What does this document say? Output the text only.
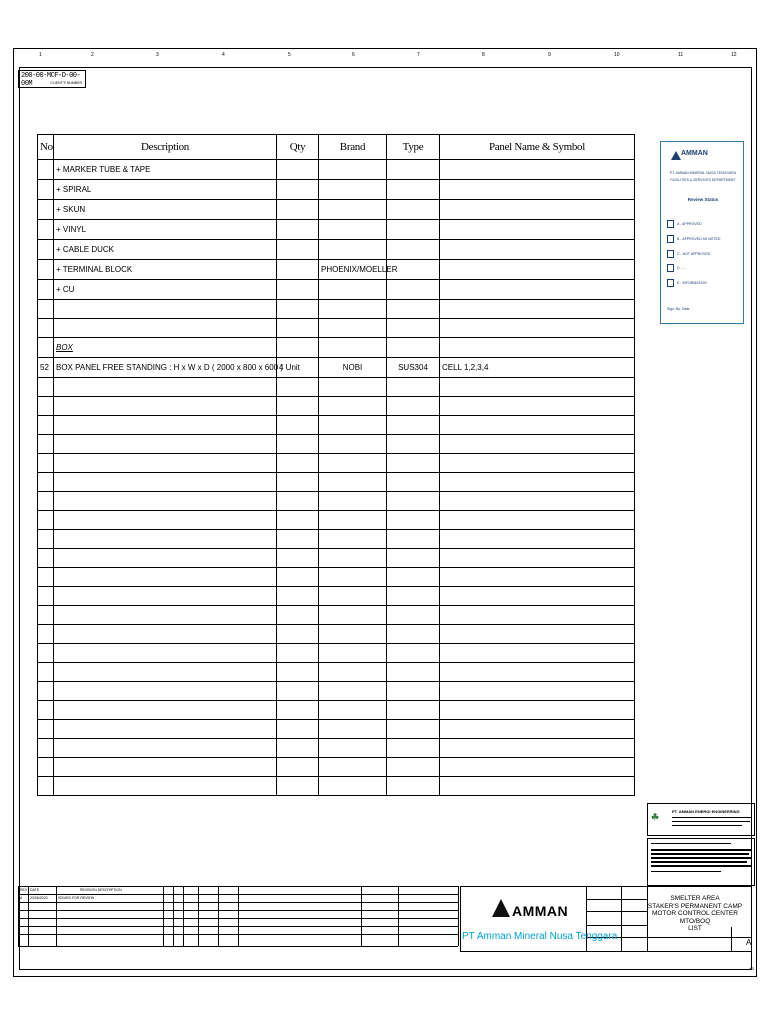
1	2	3	4	5	6	7	8	9	10	11	12
200-00-MCF-D-00-00M	CLIENT'S NUMBER
No	Description	Qty	Brand	Type	Panel Name & Symbol
	+ MARKER TUBE & TAPE				
	+ SPIRAL				
	+ SKUN				
	+ VINYL				
	+ CABLE DUCK				
	+ TERMINAL BLOCK		PHOENIX/MOELLER		
	+ CU				

	BOX				
52	BOX PANEL FREE STANDING : H x W x D ( 2000 x 800 x 600 )	4 Unit	NOBI	SUS304	CELL 1,2,3,4

AMMAN
PT. AMMAN MINERAL NUSA TENGGARA
FACILITIES & SERVICES DEPARTMENT
Review Status
A - APPROVED
B - APPROVED AS NOTED
C - NOT APPROVED
D - ...
E - INFORMATION
Sign: By: Date:
☘
PT. AMMAN ENERGI ENGINEERING
REV DATE	REVISION DESCRIPTION
A 23/06/2023	ISSUED FOR REVIEW
AMMAN
PT Amman Mineral Nusa Tenggara
SMELTER AREA
STAKER'S PERMANENT CAMP
MOTOR CONTROL CENTER MTO/BOQ
LIST
A
A3
